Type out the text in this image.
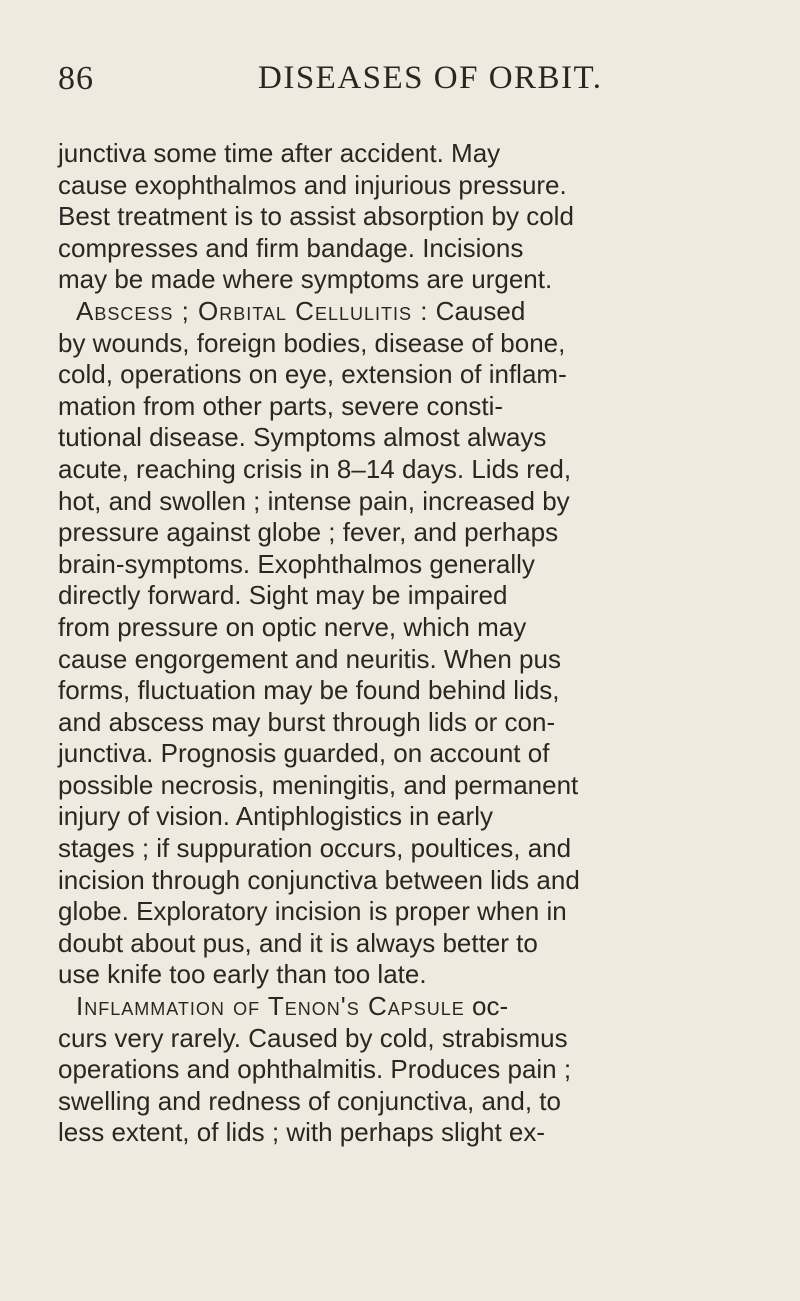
86	DISEASES OF ORBIT.
junctiva some time after accident. May
cause exophthalmos and injurious pressure.
Best treatment is to assist absorption by cold
compresses and firm bandage. Incisions
may be made where symptoms are urgent.
Abscess ; Orbital Cellulitis : Caused
by wounds, foreign bodies, disease of bone,
cold, operations on eye, extension of inflam-
mation from other parts, severe consti-
tutional disease. Symptoms almost always
acute, reaching crisis in 8–14 days. Lids red,
hot, and swollen ; intense pain, increased by
pressure against globe ; fever, and perhaps
brain-symptoms. Exophthalmos generally
directly forward. Sight may be impaired
from pressure on optic nerve, which may
cause engorgement and neuritis. When pus
forms, fluctuation may be found behind lids,
and abscess may burst through lids or con-
junctiva. Prognosis guarded, on account of
possible necrosis, meningitis, and permanent
injury of vision. Antiphlogistics in early
stages ; if suppuration occurs, poultices, and
incision through conjunctiva between lids and
globe. Exploratory incision is proper when in
doubt about pus, and it is always better to
use knife too early than too late.
Inflammation of Tenon's Capsule oc-
curs very rarely. Caused by cold, strabismus
operations and ophthalmitis. Produces pain ;
swelling and redness of conjunctiva, and, to
less extent, of lids ; with perhaps slight ex-
